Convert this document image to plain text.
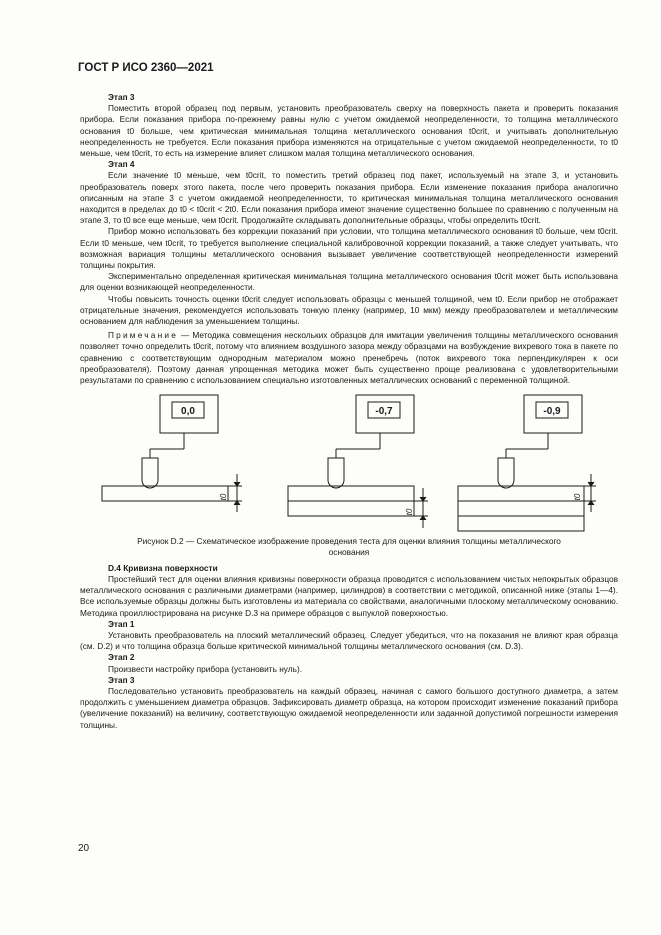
ГОСТ Р ИСО 2360—2021

Этап 3

Поместить второй образец под первым, установить преобразователь сверху на поверхность пакета и проверить показания прибора. Если показания прибора по-прежнему равны нулю с учетом ожидаемой неопределенности, то толщина металлического основания t0 больше, чем критическая минимальная толщина металлического основания t0crit, и учитывать дополнительную неопределенность не требуется. Если показания прибора изменяются на отрицательные с учетом ожидаемой неопределенности, то t0 меньше, чем t0crit, то есть на измерение влияет слишком малая толщина металлического основания.

Этап 4

Если значение t0 меньше, чем t0crit, то поместить третий образец под пакет, используемый на этапе 3, и установить преобразователь поверх этого пакета, после чего проверить показания прибора. Если изменение показания прибора аналогично описанным на этапе 3 с учетом ожидаемой неопределенности, то критическая минимальная толщина металлического основания находится в пределах до t0 < t0crit < 2t0. Если показания прибора имеют значение существенно большее по сравнению с полученным на этапе 3, то t0 все еще меньше, чем t0crit. Продолжайте складывать дополнительные образцы, чтобы определить t0crit.

Прибор можно использовать без коррекции показаний при условии, что толщина металлического основания t0 больше, чем t0crit. Если t0 меньше, чем t0crit, то требуется выполнение специальной калибровочной коррекции показаний, а также следует учитывать, что возможная вариация толщины металлического основания вызывает увеличение соответствующей неопределенности измерений толщины покрытия.

Экспериментально определенная критическая минимальная толщина металлического основания t0crit может быть использована для оценки возникающей неопределенности.

Чтобы повысить точность оценки t0crit следует использовать образцы с меньшей толщиной, чем t0. Если прибор не отображает отрицательные значения, рекомендуется использовать тонкую пленку (например, 10 мкм) между преобразователем и металлическим основанием для наблюдения за уменьшением толщины.

Примечание — Методика совмещения нескольких образцов для имитации увеличения толщины металлического основания позволяет точно определить t0crit, потому что влиянием воздушного зазора между образцами на возбуждение вихревого тока в пакете по сравнению с соответствующим однородным материалом можно пренебречь (поток вихревого тока перпендикулярен к оси преобразователя). Поэтому данная упрощенная методика может быть существенно проще реализована с удовлетворительными результатами по сравнению с использованием специально изготовленных металлических оснований с переменной толщиной.

0,0	-0,7	-0,9
t0
t0
t0

Рисунок D.2 — Схематическое изображение проведения теста для оценки влияния толщины металлического основания

D.4 Кривизна поверхности

Простейший тест для оценки влияния кривизны поверхности образца проводится с использованием чистых непокрытых образцов металлического основания с различными диаметрами (например, цилиндров) в соответствии с методикой, описанной ниже (этапы 1—4). Все используемые образцы должны быть изготовлены из материала со свойствами, аналогичными плоскому металлическому основанию. Методика проиллюстрирована на рисунке D.3 на примере образцов с выпуклой поверхностью.

Этап 1

Установить преобразователь на плоский металлический образец. Следует убедиться, что на показания не влияют края образца (см. D.2) и что толщина образца больше критической минимальной толщины металлического основания (см. D.3).

Этап 2

Произвести настройку прибора (установить нуль).

Этап 3

Последовательно установить преобразователь на каждый образец, начиная с самого большого доступного диаметра, а затем продолжить с уменьшением диаметра образцов. Зафиксировать диаметр образца, на котором происходит изменение показаний прибора (увеличение показаний) на величину, соответствующую ожидаемой неопределенности или заданной допустимой погрешности измерения толщины.

20
